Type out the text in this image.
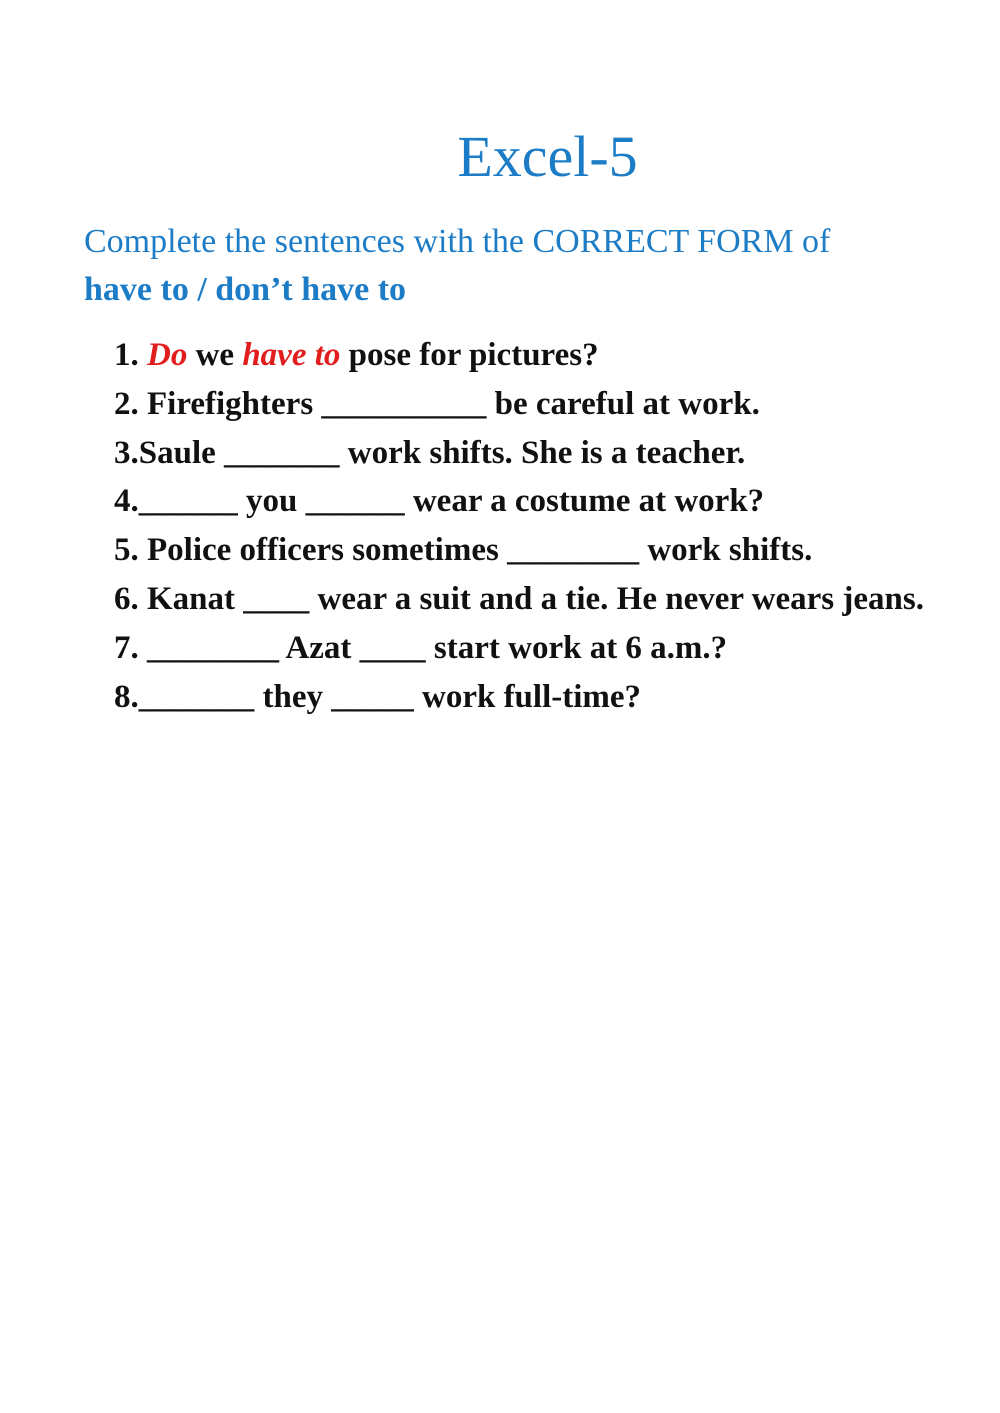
Excel-5
Complete the sentences with the CORRECT FORM of
have to / don’t have to
1. Do we have to pose for pictures?
2. Firefighters __________ be careful at work.
3.Saule _______ work shifts. She is a teacher.
4.______ you ______ wear a costume at work?
5. Police officers sometimes ________ work shifts.
6. Kanat ____ wear a suit and a tie. He never wears jeans.
7. ________ Azat ____ start work at 6 a.m.?
8._______ they _____ work full-time?
